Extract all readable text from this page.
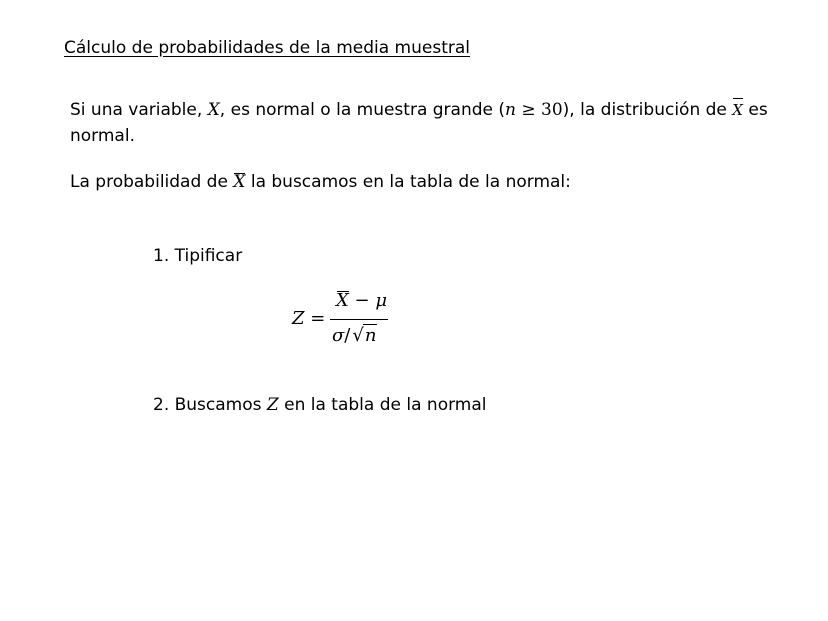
Cálculo de probabilidades de la media muestral
Si una variable, X, es normal o la muestra grande (n ≥ 30), la distribución de X es normal.
La probabilidad de X la buscamos en la tabla de la normal:
1. Tipificar
Z =
X − μ
σ/ √n
2. Buscamos Z en la tabla de la normal
